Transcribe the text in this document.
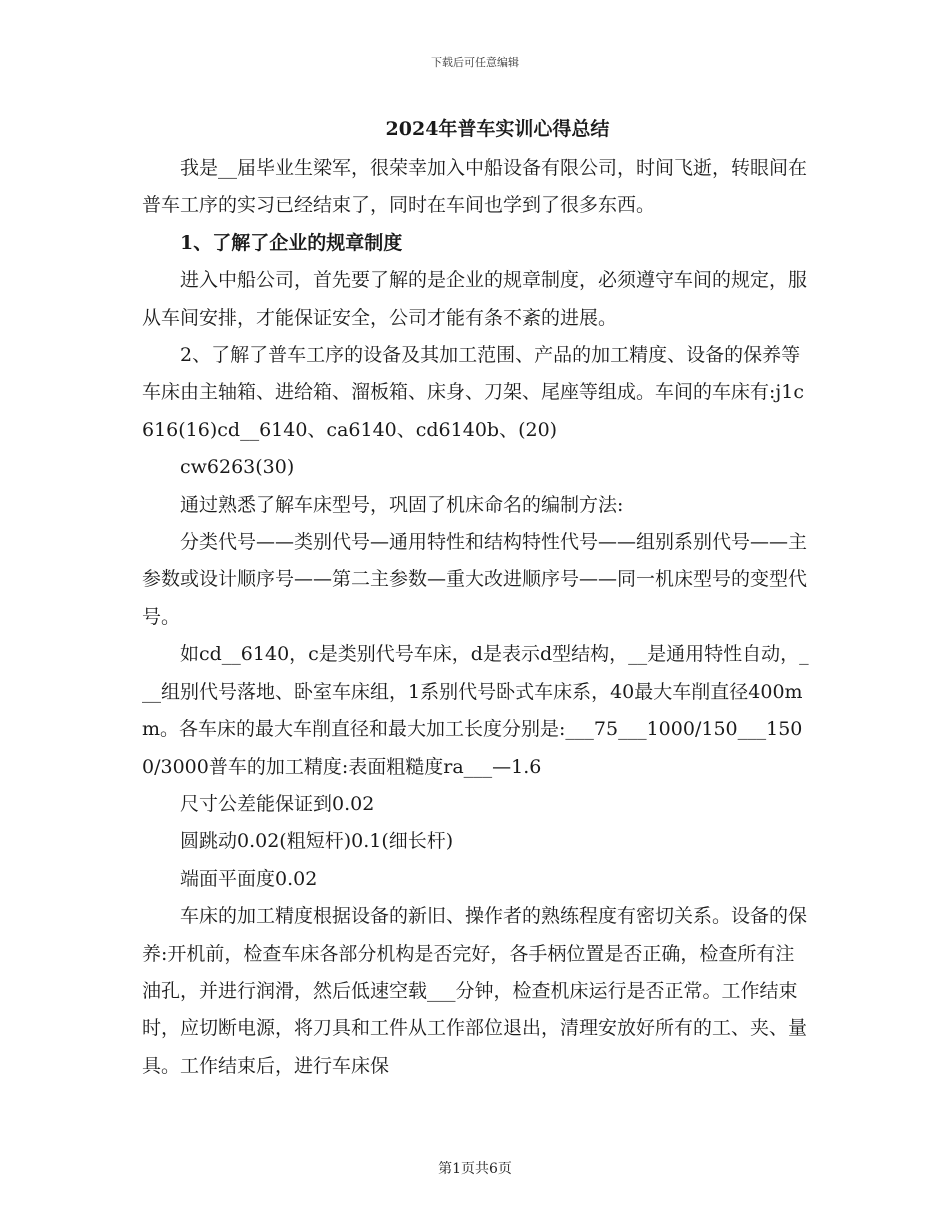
下载后可任意编辑
2024年普车实训心得总结

我是__届毕业生梁军，很荣幸加入中船设备有限公司，时间飞逝，转眼间在普车工序的实习已经结束了，同时在车间也学到了很多东西。

1、了解了企业的规章制度

进入中船公司，首先要了解的是企业的规章制度，必须遵守车间的规定，服从车间安排，才能保证安全，公司才能有条不紊的进展。

2、了解了普车工序的设备及其加工范围、产品的加工精度、设备的保养等车床由主轴箱、进给箱、溜板箱、床身、刀架、尾座等组成。车间的车床有:j1c616(16)cd__6140、ca6140、cd6140b、(20)

cw6263(30)

通过熟悉了解车床型号，巩固了机床命名的编制方法:

分类代号——类别代号—通用特性和结构特性代号——组别系别代号——主参数或设计顺序号——第二主参数—重大改进顺序号——同一机床型号的变型代号。

如cd__6140，c是类别代号车床，d是表示d型结构，__是通用特性自动，___组别代号落地、卧室车床组，1系别代号卧式车床系，40最大车削直径400mm。各车床的最大车削直径和最大加工长度分别是:___75___1000/150___1500/3000普车的加工精度:表面粗糙度ra___—1.6

尺寸公差能保证到0.02

圆跳动0.02(粗短杆)0.1(细长杆)

端面平面度0.02

车床的加工精度根据设备的新旧、操作者的熟练程度有密切关系。设备的保养:开机前，检查车床各部分机构是否完好，各手柄位置是否正确，检查所有注油孔，并进行润滑，然后低速空载___分钟，检查机床运行是否正常。工作结束时，应切断电源，将刀具和工件从工作部位退出，清理安放好所有的工、夹、量具。工作结束后，进行车床保

第1页共6页
